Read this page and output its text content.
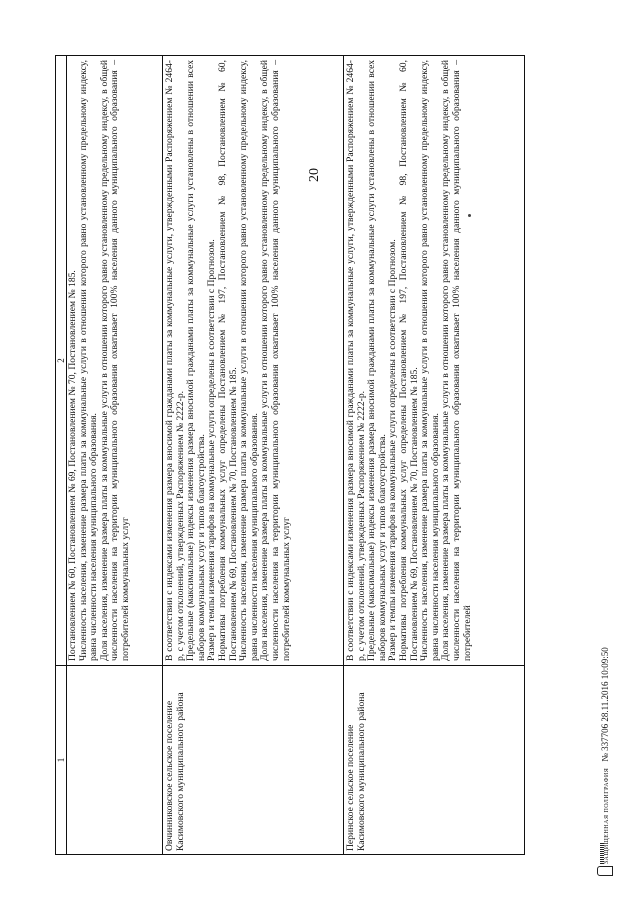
20
1
2 Постановлением № 60, Постановлением № 69, Постановлением № 70, Постановлением № 185. Численность населения, изменение размера платы за коммунальные услуги в отношении которого равно установленному предельному индексу, равна численности населения муниципального образования. Доля населения, изменение размера платы за коммунальные услуги в отношении которого равно установленному предельному индексу, в общей численности населения на территории муниципального образования охватывает 100% населения данного муниципального образования – потребителей коммунальных услуг

Овчинниковское сельское поселение Касимовского муниципального района

В соответствии с индексами изменения размера вносимой гражданами платы за коммунальные услуги, утвержденными Распоряжением № 2464-р, с учетом отклонений, утвержденных Распоряжением № 2222-р. Предельные (максимальные) индексы изменения размера вносимой гражданами платы за коммунальные услуги установлены в отношении всех наборов коммунальных услуг и типов благоустройства. Размер и темпы изменения тарифов на коммунальные услуги определены в соответствии с Прогнозом. Нормативы потребления коммунальных услуг определены Постановлением № 197, Постановлением № 98, Постановлением № 60, Постановлением № 69, Постановлением № 70, Постановлением № 185. Численность населения, изменение размера платы за коммунальные услуги в отношении которого равно установленному предельному индексу, равна численности населения муниципального образования. Доля населения, изменение размера платы за коммунальные услуги в отношении которого равно установленному предельному индексу, в общей численности населения на территории муниципального образования охватывает 100% населения данного муниципального образования – потребителей коммунальных услуг

Перинское сельское поселение Касимовского муниципального района

В соответствии с индексами изменения размера вносимой гражданами платы за коммунальные услуги, утвержденными Распоряжением № 2464-р, с учетом отклонений, утвержденных Распоряжением № 2222-р. Предельные (максимальные) индексы изменения размера вносимой гражданами платы за коммунальные услуги установлены в отношении всех наборов коммунальных услуг и типов благоустройства. Размер и темпы изменения тарифов на коммунальные услуги определены в соответствии с Прогнозом. Нормативы потребления коммунальных услуг определены Постановлением № 197, Постановлением № 98, Постановлением № 60, Постановлением № 69, Постановлением № 70, Постановлением № 185. Численность населения, изменение размера платы за коммунальные услуги в отношении которого равно установленному предельному индексу, равна численности населения муниципального образования. Доля населения, изменение размера платы за коммунальные услуги в отношении которого равно установленному предельному индексу, в общей численности населения на территории муниципального образования охватывает 100% населения данного муниципального образования – потребителей

ЗАЩИЩЕННАЯ ПОЛИГРАФИЯ
№ 337706 28.11.2016 10:09:50
